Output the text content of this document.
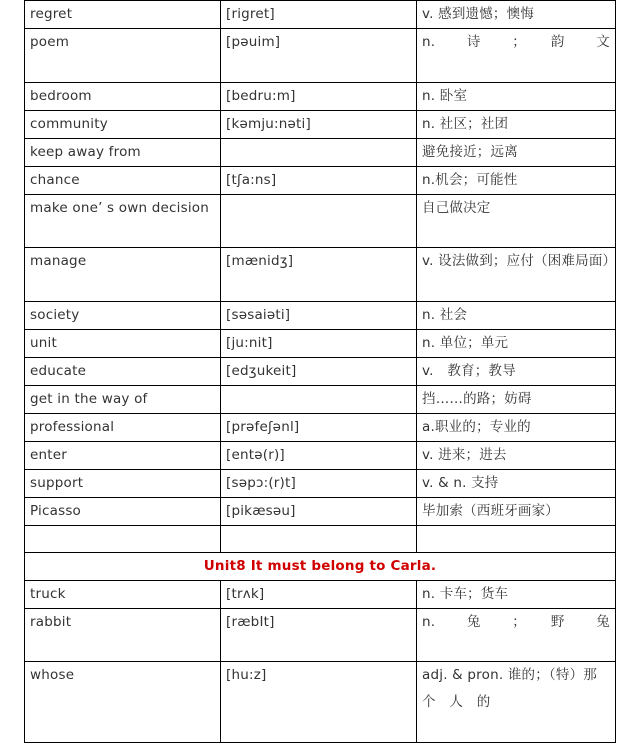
regret	[rigret]	v. 感到遗憾；懊悔
poem	[pəuim]	n.　诗　；　韵　文
bedroom	[bedru:m]	n. 卧室
community	[kəmju:nəti]	n. 社区；社团
keep away from		避免接近；远离
chance	[tʃa:ns]	n.机会；可能性
make one’ s own decision		自己做决定
manage	[mænidʒ]	v. 设法做到；应付（困难局面）
society	[səsaiəti]	n. 社会
unit	[ju:nit]	n. 单位；单元
educate	[edʒukeit]	v.　教育；教导
get in the way of		挡……的路；妨碍
professional	[prəfeʃənl]	a.职业的；专业的
enter	[entə(r)]	v. 进来；进去
support	[səpɔ:(r)t]	v. & n. 支持
Picasso	[pikæsəu]	毕加索（西班牙画家）

Unit8 It must belong to Carla.		
truck	[trʌk]	n. 卡车；货车
rabbit	[ræbIt]	n.　兔　；　野　兔
whose	[hu:z]	adj. & pron. 谁的；（特）那　个　人　的
